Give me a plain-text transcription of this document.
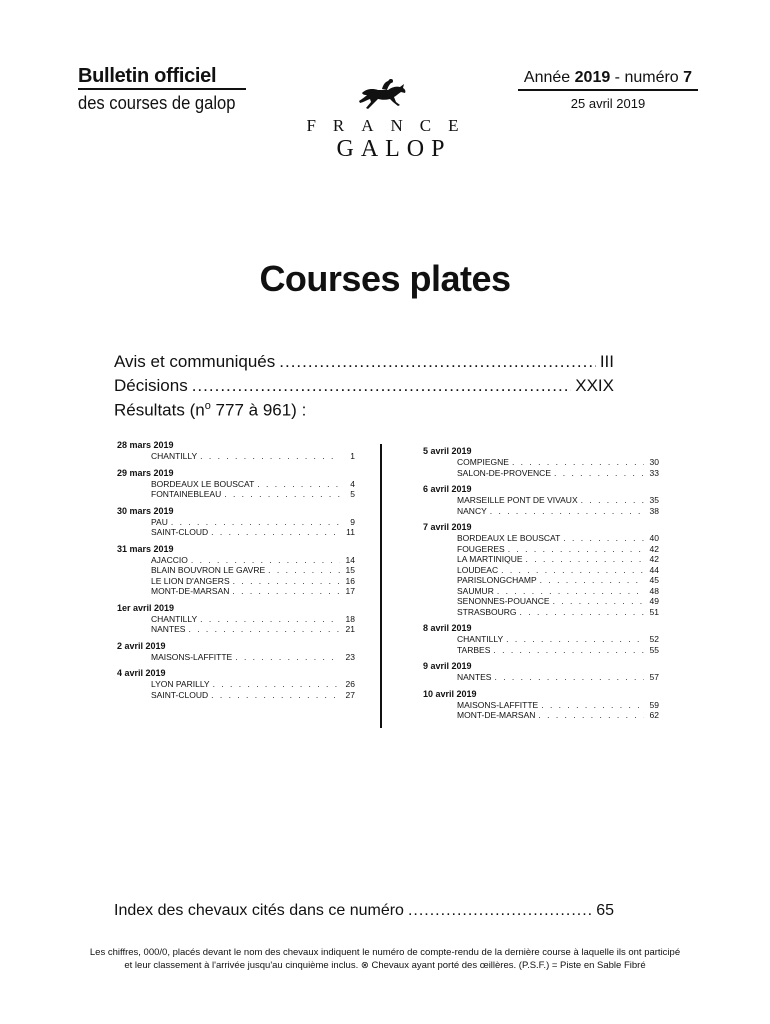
Bulletin officiel
des courses de galop
FRANCE
GALOP
Année 2019 - numéro 7
25 avril 2019
Courses plates
Avis et communiqués .....	III
Décisions .....	XXIX
Résultats ($n^o$ 777 à 961) :
28 mars 2019
CHANTILLY . . .	1
29 mars 2019
BORDEAUX LE BOUSCAT . . .	4
FONTAINEBLEAU . . .	5
30 mars 2019
PAU . . .	9
SAINT-CLOUD . . .	11
31 mars 2019
AJACCIO . . .	14
BLAIN BOUVRON LE GAVRE . . .	15
LE LION D'ANGERS . . .	16
MONT-DE-MARSAN . . .	17
1er avril 2019
CHANTILLY . . .	18
NANTES . . .	21
2 avril 2019
MAISONS-LAFFITTE . . .	23
4 avril 2019
LYON PARILLY . . .	26
SAINT-CLOUD . . .	27
5 avril 2019
COMPIEGNE . . .	30
SALON-DE-PROVENCE . . .	33
6 avril 2019
MARSEILLE PONT DE VIVAUX . . .	35
NANCY . . .	38
7 avril 2019
BORDEAUX LE BOUSCAT . . .	40
FOUGERES . . .	42
LA MARTINIQUE . . .	42
LOUDEAC . . .	44
PARISLONGCHAMP . . .	45
SAUMUR . . .	48
SENONNES-POUANCE . . .	49
STRASBOURG . . .	51
8 avril 2019
CHANTILLY . . .	52
TARBES . . .	55
9 avril 2019
NANTES . . .	57
10 avril 2019
MAISONS-LAFFITTE . . .	59
MONT-DE-MARSAN . . .	62
Index des chevaux cités dans ce numéro .....	65
Les chiffres, 000/0, placés devant le nom des chevaux indiquent le numéro de compte-rendu de la dernière course à laquelle ils ont participé
et leur classement à l'arrivée jusqu'au cinquième inclus. ⊗ Chevaux ayant porté des œillères. (P.S.F.) = Piste en Sable Fibré
